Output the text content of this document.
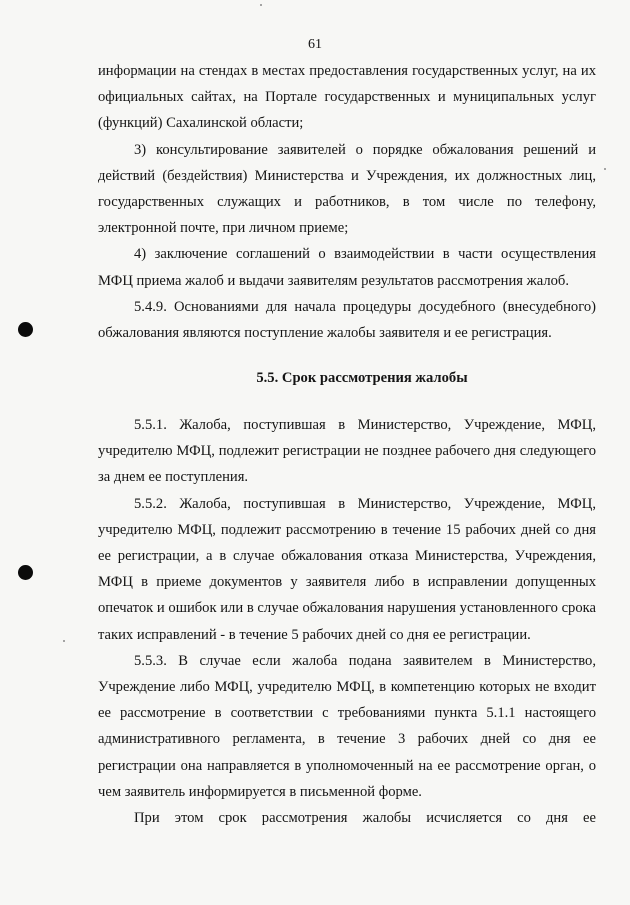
61

информации на стендах в местах предоставления государственных услуг, на их официальных сайтах, на Портале государственных и муниципальных услуг (функций) Сахалинской области;

3) консультирование заявителей о порядке обжалования решений и действий (бездействия) Министерства и Учреждения, их должностных лиц, государственных служащих и работников, в том числе по телефону, электронной почте, при личном приеме;

4) заключение соглашений о взаимодействии в части осуществления МФЦ приема жалоб и выдачи заявителям результатов рассмотрения жалоб.

5.4.9. Основаниями для начала процедуры досудебного (внесудебного) обжалования являются поступление жалобы заявителя и ее регистрация.

5.5. Срок рассмотрения жалобы

5.5.1. Жалоба, поступившая в Министерство, Учреждение, МФЦ, учредителю МФЦ, подлежит регистрации не позднее рабочего дня следующего за днем ее поступления.

5.5.2. Жалоба, поступившая в Министерство, Учреждение, МФЦ, учредителю МФЦ, подлежит рассмотрению в течение 15 рабочих дней со дня ее регистрации, а в случае обжалования отказа Министерства, Учреждения, МФЦ в приеме документов у заявителя либо в исправлении допущенных опечаток и ошибок или в случае обжалования нарушения установленного срока таких исправлений - в течение 5 рабочих дней со дня ее регистрации.

5.5.3. В случае если жалоба подана заявителем в Министерство, Учреждение либо МФЦ, учредителю МФЦ, в компетенцию которых не входит ее рассмотрение в соответствии с требованиями пункта 5.1.1 настоящего административного регламента, в течение 3 рабочих дней со дня ее регистрации она направляется в уполномоченный на ее рассмотрение орган, о чем заявитель информируется в письменной форме.

При этом срок рассмотрения жалобы исчисляется со дня ее
